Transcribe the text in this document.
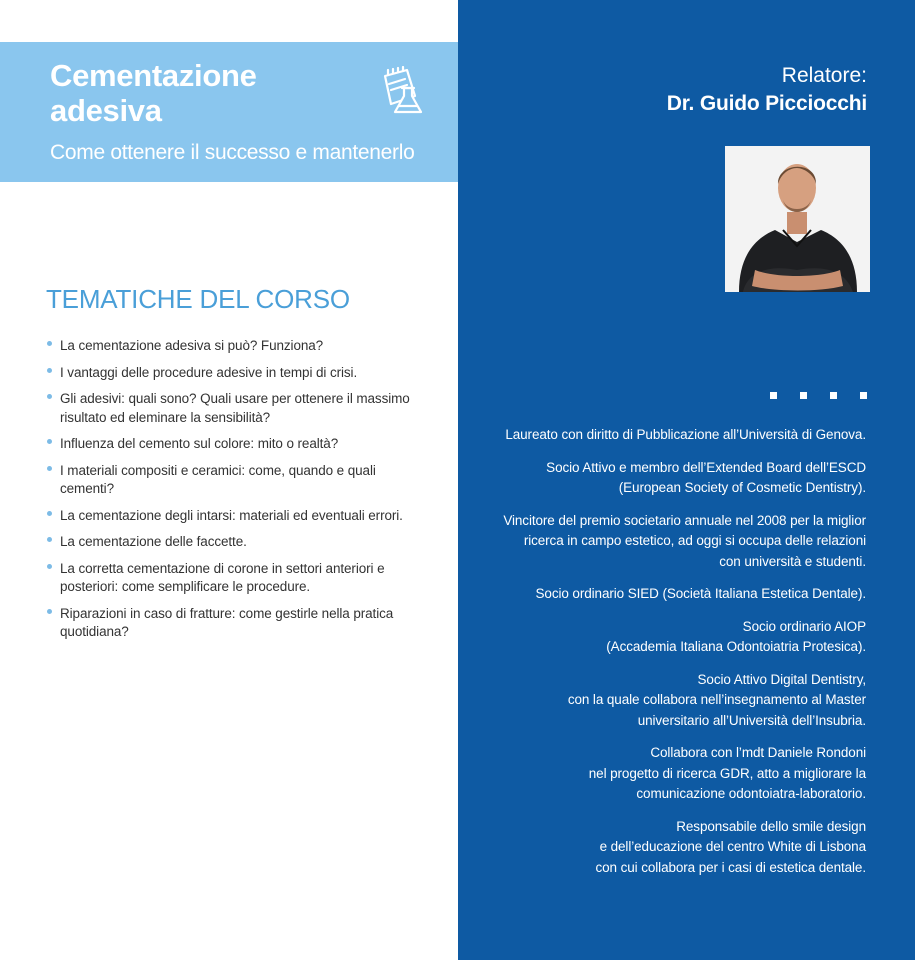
Cementazione
adesiva
Come ottenere il successo e mantenerlo
TEMATICHE DEL CORSO
La cementazione adesiva si può? Funziona?
I vantaggi delle procedure adesive in tempi di crisi.
Gli adesivi: quali sono? Quali usare per ottenere il massimo risultato ed eleminare la sensibilità?
Influenza del cemento sul colore: mito o realtà?
I materiali compositi e ceramici: come, quando e quali cementi?
La cementazione degli intarsi: materiali ed eventuali errori.
La cementazione delle faccette.
La corretta cementazione di corone in settori anteriori e posteriori: come semplificare le procedure.
Riparazioni in caso di fratture: come gestirle nella pratica quotidiana?
Relatore:
Dr. Guido Picciocchi

Laureato con diritto di Pubblicazione all’Università di Genova.

Socio Attivo e membro dell’Extended Board dell’ESCD
(European Society of Cosmetic Dentistry).

Vincitore del premio societario annuale nel 2008 per la miglior
ricerca in campo estetico, ad oggi si occupa delle relazioni
con università e studenti.

Socio ordinario SIED (Società Italiana Estetica Dentale).

Socio ordinario AIOP
(Accademia Italiana Odontoiatria Protesica).

Socio Attivo Digital Dentistry,
con la quale collabora nell’insegnamento al Master
universitario all’Università dell’Insubria.

Collabora con l’mdt Daniele Rondoni
nel progetto di ricerca GDR, atto a migliorare la
comunicazione odontoiatra-laboratorio.

Responsabile dello smile design
e dell’educazione del centro White di Lisbona
con cui collabora per i casi di estetica dentale.
